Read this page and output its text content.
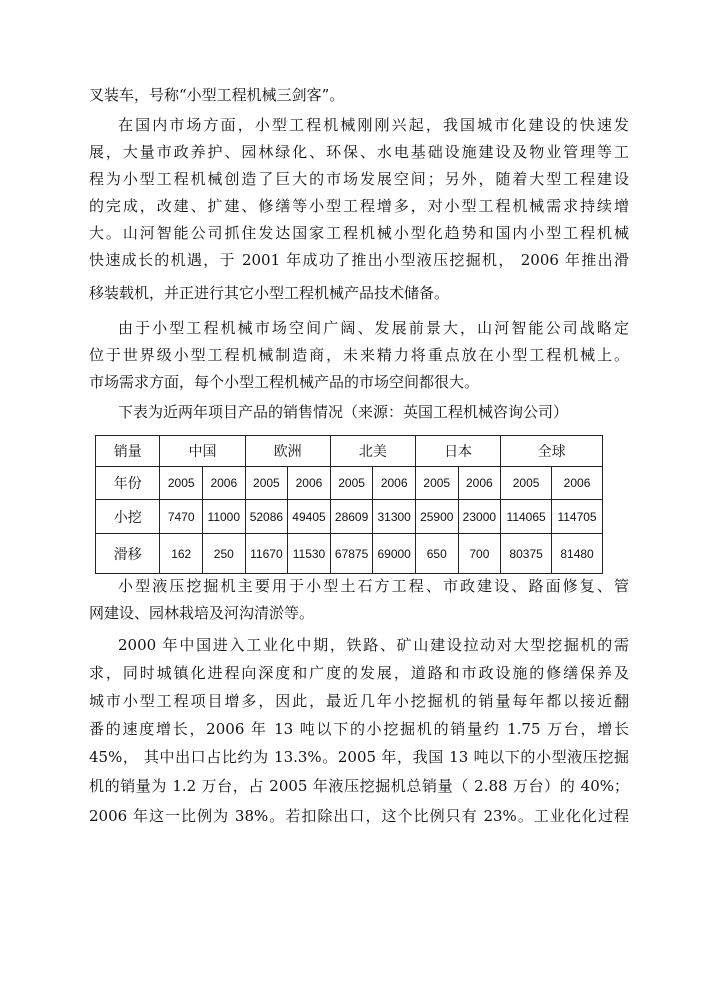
叉装车，号称“小型工程机械三剑客”。
在国内市场方面，小型工程机械刚刚兴起，我国城市化建设的快速发
展，大量市政养护、园林绿化、环保、水电基础设施建设及物业管理等工
程为小型工程机械创造了巨大的市场发展空间；另外，随着大型工程建设
的完成，改建、扩建、修缮等小型工程增多，对小型工程机械需求持续增
大。山河智能公司抓住发达国家工程机械小型化趋势和国内小型工程机械
快速成长的机遇，于 2001 年成功了推出小型液压挖掘机， 2006 年推出滑
移装载机，并正进行其它小型工程机械产品技术储备。
由于小型工程机械市场空间广阔、发展前景大，山河智能公司战略定
位于世界级小型工程机械制造商，未来精力将重点放在小型工程机械上。
市场需求方面，每个小型工程机械产品的市场空间都很大。
下表为近两年项目产品的销售情况（来源：英国工程机械咨询公司）
销量	中国		欧洲		北美		日本		全球	
年份	2005	2006	2005	2006	2005	2006	2005	2006	2005	2006
小挖	7470	11000	52086	49405	28609	31300	25900	23000	114065	114705
滑移	162	250	11670	11530	67875	69000	650	700	80375	81480
小型液压挖掘机主要用于小型土石方工程、市政建设、路面修复、管
网建设、园林栽培及河沟清淤等。
2000 年中国进入工业化中期，铁路、矿山建设拉动对大型挖掘机的需
求，同时城镇化进程向深度和广度的发展，道路和市政设施的修缮保养及
城市小型工程项目增多，因此，最近几年小挖掘机的销量每年都以接近翻
番的速度增长，2006 年 13 吨以下的小挖掘机的销量约 1.75 万台，增长
45%， 其中出口占比约为 13.3%。2005 年，我国 13 吨以下的小型液压挖掘
机的销量为 1.2 万台，占 2005 年液压挖掘机总销量（ 2.88 万台）的 40%；
2006 年这一比例为 38%。若扣除出口，这个比例只有 23%。工业化化过程
